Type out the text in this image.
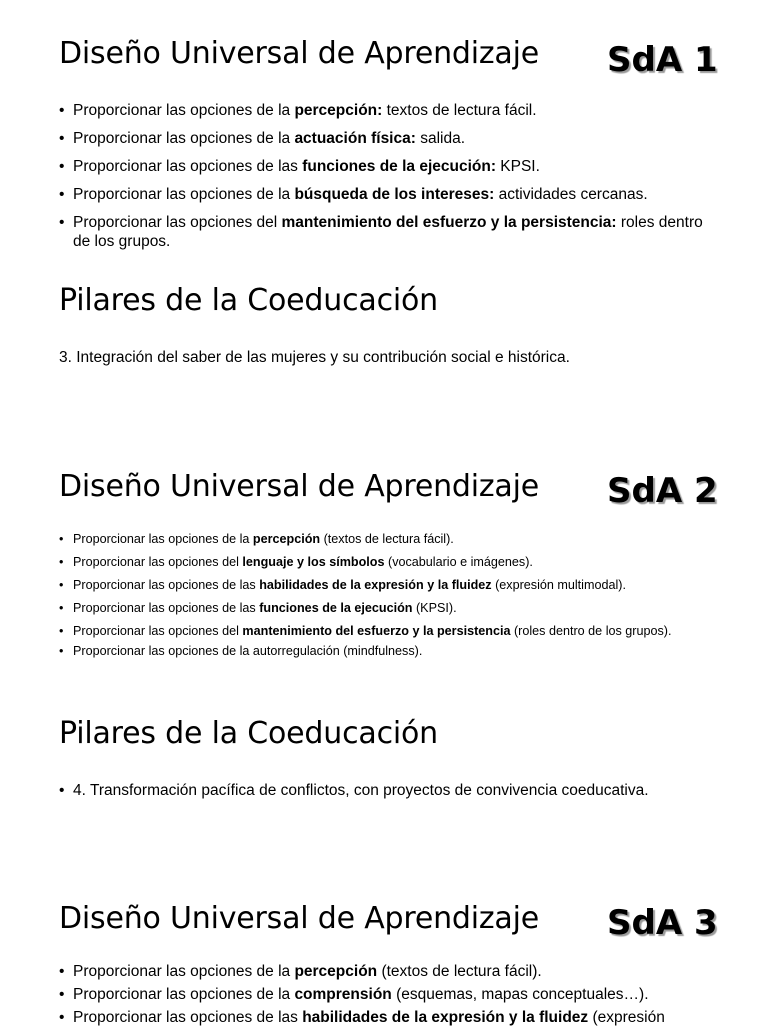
Diseño Universal de Aprendizaje SdA 1
• Proporcionar las opciones de la percepción: textos de lectura fácil.
• Proporcionar las opciones de la actuación física: salida.
• Proporcionar las opciones de las funciones de la ejecución: KPSI.
• Proporcionar las opciones de la búsqueda de los intereses: actividades cercanas.
• Proporcionar las opciones del mantenimiento del esfuerzo y la persistencia: roles dentro de los grupos.
Pilares de la Coeducación

3. Integración del saber de las mujeres y su contribución social e histórica.

Diseño Universal de Aprendizaje SdA 2
• Proporcionar las opciones de la percepción (textos de lectura fácil).
• Proporcionar las opciones del lenguaje y los símbolos (vocabulario e imágenes).
• Proporcionar las opciones de las habilidades de la expresión y la fluidez (expresión multimodal).
• Proporcionar las opciones de las funciones de la ejecución (KPSI).
• Proporcionar las opciones del mantenimiento del esfuerzo y la persistencia (roles dentro de los grupos).
• Proporcionar las opciones de la autorregulación (mindfulness).
Pilares de la Coeducación
• 4. Transformación pacífica de conflictos, con proyectos de convivencia coeducativa.
Diseño Universal de Aprendizaje SdA 3
• Proporcionar las opciones de la percepción (textos de lectura fácil).
• Proporcionar las opciones de la comprensión (esquemas, mapas conceptuales…).
• Proporcionar las opciones de las habilidades de la expresión y la fluidez (expresión
